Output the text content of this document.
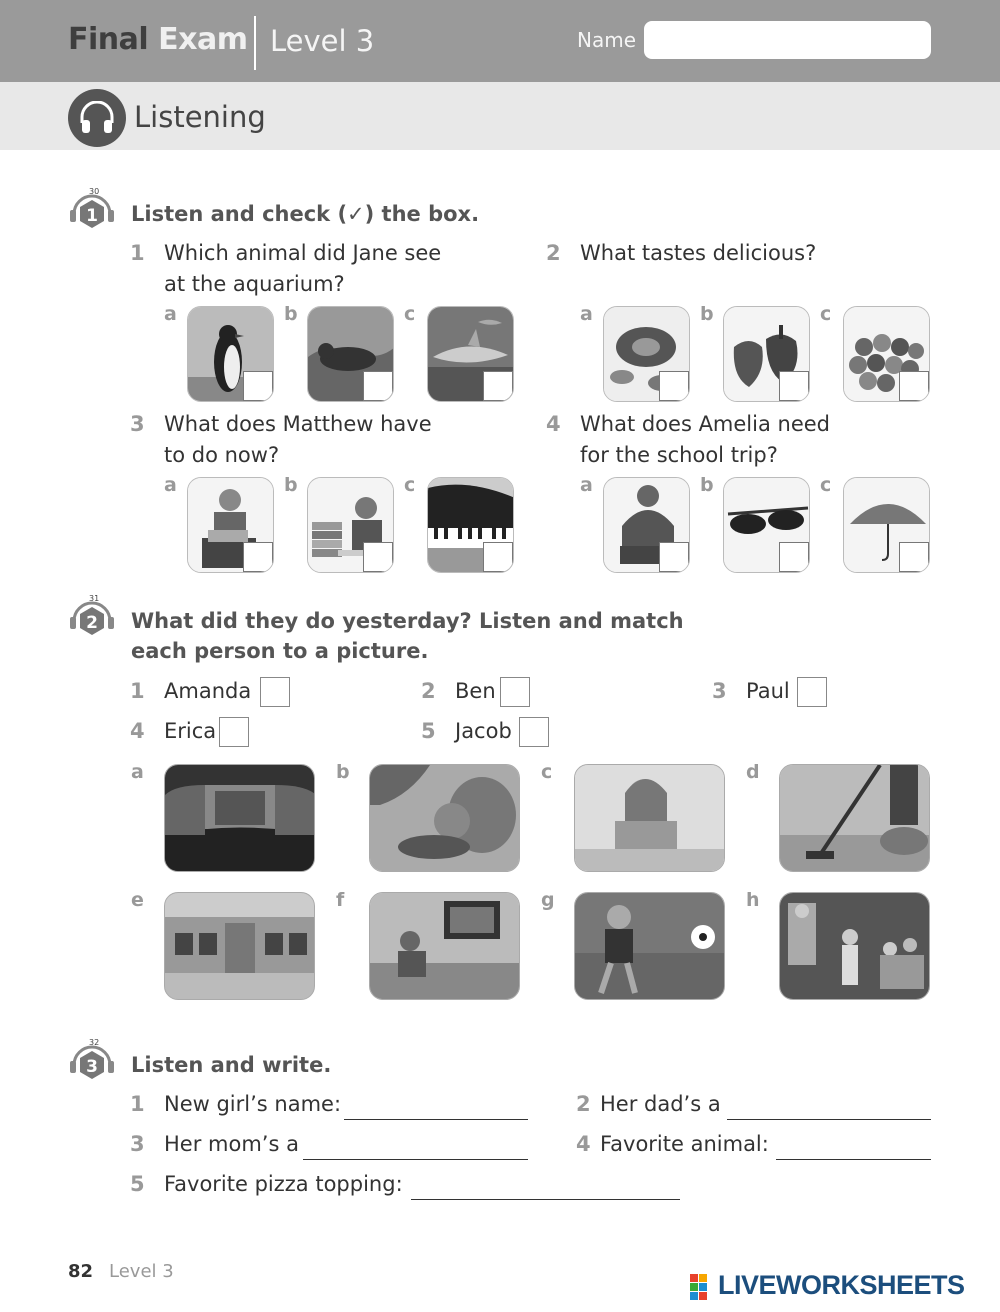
Final Exam Level 3	Name
Listening
30
1 Listen and check (✓) the box.
1 Which animal did Jane see
at the aquarium?
a	b	c
2 What tastes delicious?
a	b	c
3 What does Matthew have
to do now?
a	b	c
4 What does Amelia need
for the school trip?
a	b	c
31
2 What did they do yesterday? Listen and match
each person to a picture.
1 Amanda	2 Ben	3 Paul
4 Erica	5 Jacob
a	b	c	d
e	f	g	h
32
3 Listen and write.
1 New girl’s name:	2 Her dad’s a
3 Her mom’s a	4 Favorite animal:
5 Favorite pizza topping:
82 Level 3	LIVEWORKSHEETS
